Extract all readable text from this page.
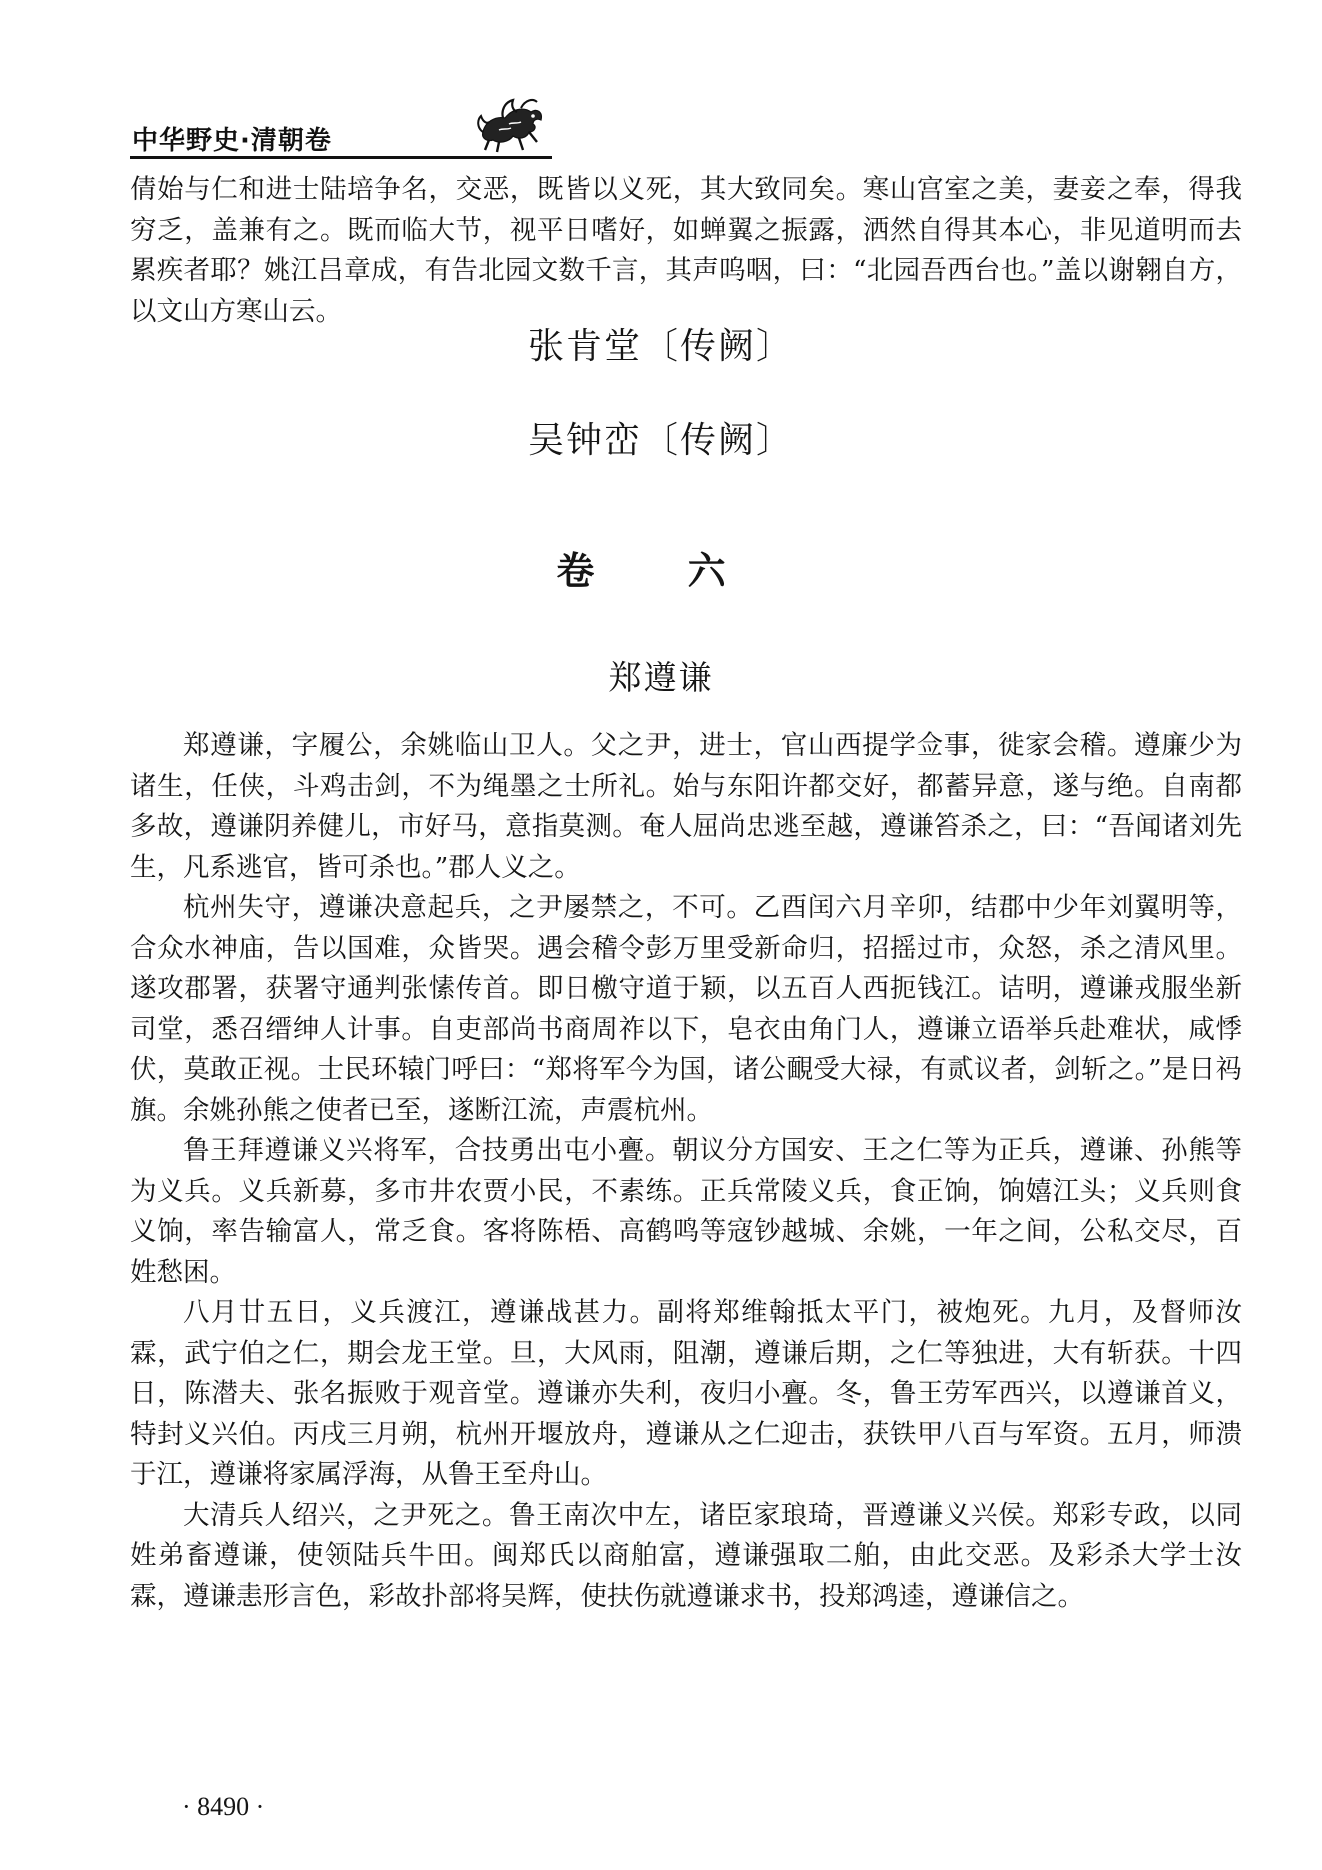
中华野史·清朝卷

倩始与仁和进士陆培争名，交恶，既皆以义死，其大致同矣。寒山宫室之美，妻妾之奉，得我穷乏，盖兼有之。既而临大节，视平日嗜好，如蝉翼之振露，洒然自得其本心，非见道明而去累疾者耶？姚江吕章成，有告北园文数千言，其声呜咽，曰：“北园吾西台也。”盖以谢翱自方，以文山方寒山云。

张肯堂〔传阙〕
吴钟峦〔传阙〕
卷 六
郑遵谦

郑遵谦，字履公，余姚临山卫人。父之尹，进士，官山西提学佥事，徙家会稽。遵廉少为诸生，任侠，斗鸡击剑，不为绳墨之士所礼。始与东阳许都交好，都蓄异意，遂与绝。自南都多故，遵谦阴养健儿，市好马，意指莫测。奄人屈尚忠逃至越，遵谦笞杀之，曰：“吾闻诸刘先生，凡系逃官，皆可杀也。”郡人义之。

杭州失守，遵谦决意起兵，之尹屡禁之，不可。乙酉闰六月辛卯，结郡中少年刘翼明等，合众水神庙，告以国难，众皆哭。遇会稽令彭万里受新命归，招摇过市，众怒，杀之清风里。遂攻郡署，获署守通判张愫传首。即日檄守道于颖，以五百人西扼钱江。诘明，遵谦戎服坐新司堂，悉召缙绅人计事。自吏部尚书商周祚以下，皂衣由角门人，遵谦立语举兵赴难状，咸悸伏，莫敢正视。士民环辕门呼曰：“郑将军今为国，诸公靦受大禄，有贰议者，剑斩之。”是日祃旗。余姚孙熊之使者已至，遂断江流，声震杭州。

鲁王拜遵谦义兴将军，合技勇出屯小亹。朝议分方国安、王之仁等为正兵，遵谦、孙熊等为义兵。义兵新募，多市井农贾小民，不素练。正兵常陵义兵，食正饷，饷嬉江头；义兵则食义饷，率告输富人，常乏食。客将陈梧、高鹤鸣等寇钞越城、余姚，一年之间，公私交尽，百姓愁困。

八月廿五日，义兵渡江，遵谦战甚力。副将郑维翰抵太平门，被炮死。九月，及督师汝霖，武宁伯之仁，期会龙王堂。旦，大风雨，阻潮，遵谦后期，之仁等独进，大有斩获。十四日，陈潜夫、张名振败于观音堂。遵谦亦失利，夜归小亹。冬，鲁王劳军西兴，以遵谦首义，特封义兴伯。丙戌三月朔，杭州开堰放舟，遵谦从之仁迎击，获铁甲八百与军资。五月，师溃于江，遵谦将家属浮海，从鲁王至舟山。

大清兵人绍兴，之尹死之。鲁王南次中左，诸臣家琅琦，晋遵谦义兴侯。郑彩专政，以同姓弟畜遵谦，使领陆兵牛田。闽郑氏以商舶富，遵谦强取二舶，由此交恶。及彩杀大学士汝霖，遵谦恚形言色，彩故扑部将吴辉，使扶伤就遵谦求书，投郑鸿逵，遵谦信之。

· 8490 ·
